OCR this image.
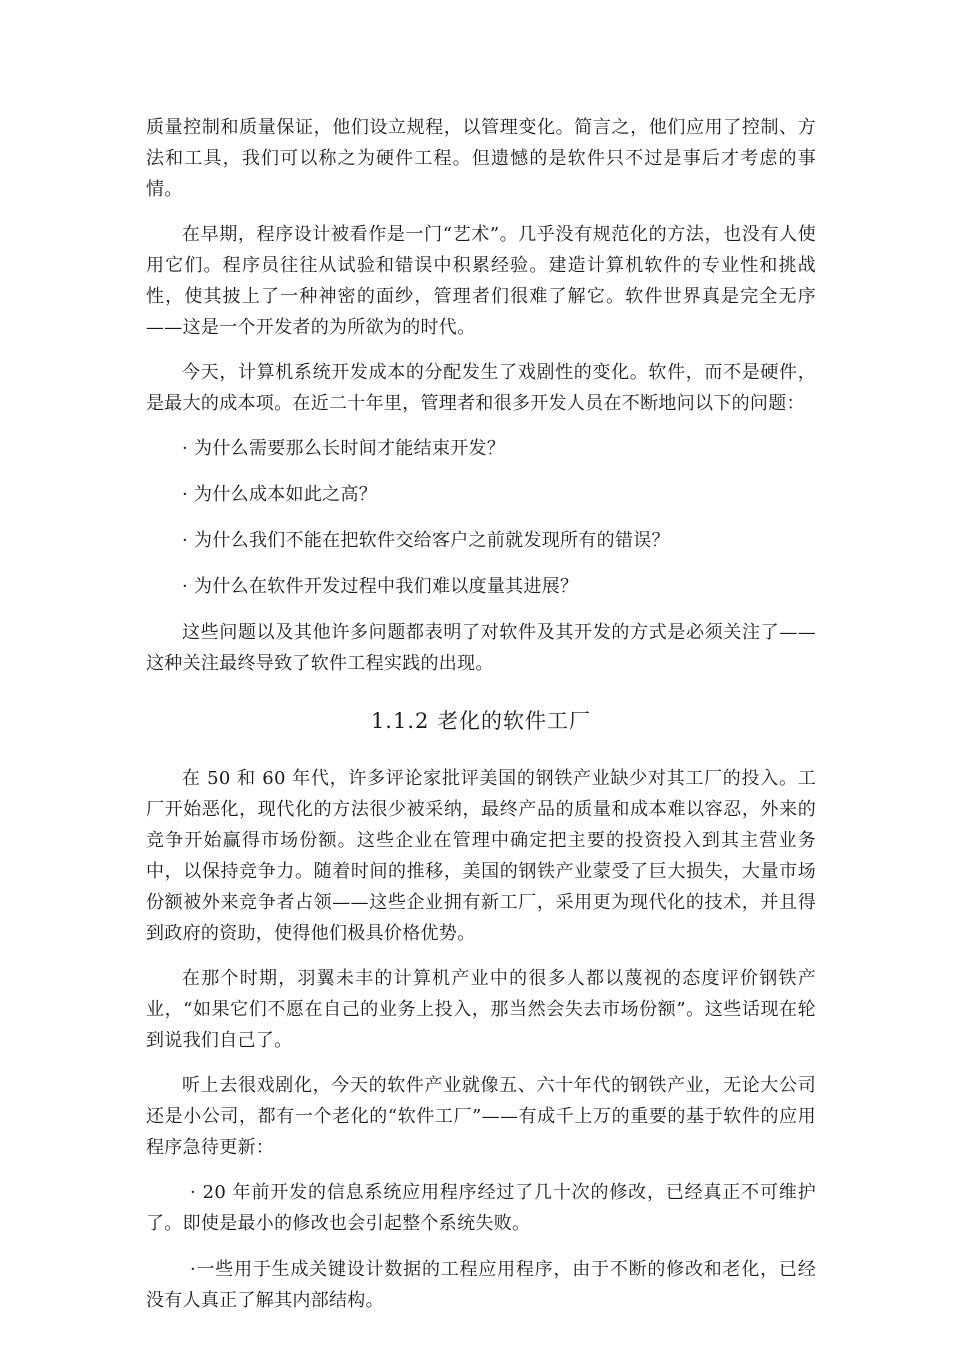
质量控制和质量保证，他们设立规程，以管理变化。简言之，他们应用了控制、方法和工具，我们可以称之为硬件工程。但遗憾的是软件只不过是事后才考虑的事情。

在早期，程序设计被看作是一门“艺术”。几乎没有规范化的方法，也没有人使用它们。程序员往往从试验和错误中积累经验。建造计算机软件的专业性和挑战性，使其披上了一种神密的面纱，管理者们很难了解它。软件世界真是完全无序——这是一个开发者的为所欲为的时代。

今天，计算机系统开发成本的分配发生了戏剧性的变化。软件，而不是硬件，是最大的成本项。在近二十年里，管理者和很多开发人员在不断地问以下的问题：

· 为什么需要那么长时间才能结束开发？

· 为什么成本如此之高？

· 为什么我们不能在把软件交给客户之前就发现所有的错误？

· 为什么在软件开发过程中我们难以度量其进展？

这些问题以及其他许多问题都表明了对软件及其开发的方式是必须关注了——这种关注最终导致了软件工程实践的出现。

1.1.2 老化的软件工厂

在 50 和 60 年代，许多评论家批评美国的钢铁产业缺少对其工厂的投入。工厂开始恶化，现代化的方法很少被采纳，最终产品的质量和成本难以容忍，外来的竞争开始赢得市场份额。这些企业在管理中确定把主要的投资投入到其主营业务中，以保持竞争力。随着时间的推移，美国的钢铁产业蒙受了巨大损失，大量市场份额被外来竞争者占领——这些企业拥有新工厂，采用更为现代化的技术，并且得到政府的资助，使得他们极具价格优势。

在那个时期，羽翼未丰的计算机产业中的很多人都以蔑视的态度评价钢铁产业，“如果它们不愿在自己的业务上投入，那当然会失去市场份额”。这些话现在轮到说我们自己了。

听上去很戏剧化，今天的软件产业就像五、六十年代的钢铁产业，无论大公司还是小公司，都有一个老化的“软件工厂”——有成千上万的重要的基于软件的应用程序急待更新：

· 20 年前开发的信息系统应用程序经过了几十次的修改，已经真正不可维护了。即使是最小的修改也会引起整个系统失败。

·一些用于生成关键设计数据的工程应用程序，由于不断的修改和老化，已经没有人真正了解其内部结构。
